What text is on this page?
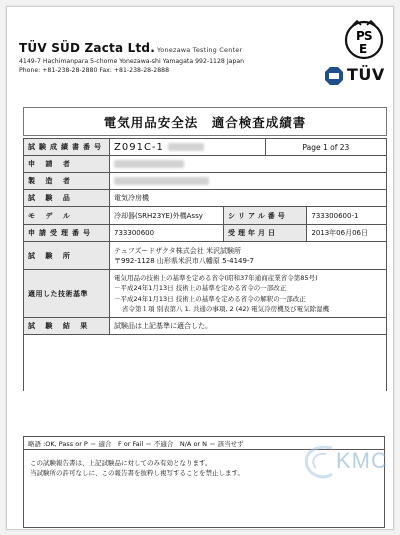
TÜV SÜD Zacta Ltd. Yonezawa Testing Center
4149-7 Hachimanpara 5-chome Yonezawa-shi Yamagata 992-1128 Japan
Phone: +81-238-28-2880 Fax: +81-238-28-2888
P S
E
TÜV
電気用品安全法　適合検査成績書
試験成績書番号	Z091C-1		Page 1 of 23	
申 請 者				
製 造 者				
試 験 品	電気冷房機			
モ デ ル	冷却器(SRH23YE)外機Assy	シリアル番号		733300600-1
申請受理番号	733300600	受理年月日		2013年06月06日
試 験 所	テュフズードザクタ株式会社 米沢試験所
〒992-1128 山形県米沢市八幡原 5-4149-7			

適用した技術基準	電気用品の技術上の基準を定める省令(昭和37年通商産業省令第85号)
－平成24年1月13日 技術上の基準を定める省令の一部改正
－平成24年1月13日 技術上の基準を定める省令の解釈の一部改正
省令第１項 別表第八 1. 共通の事項, 2 (42) 電気冷房機及び電気除湿機			

試 験 結 果	試験品は上記基準に適合した。			

略語 :OK, Pass or P ＝ 適合　F or Fail ＝ 不適合　N/A or N ＝ 該当せず
この試験報告書は、上記試験品に対してのみ有効となります。
当試験所の許可なしに、この報告書を抜粋し複写することを禁止します。	KMC
